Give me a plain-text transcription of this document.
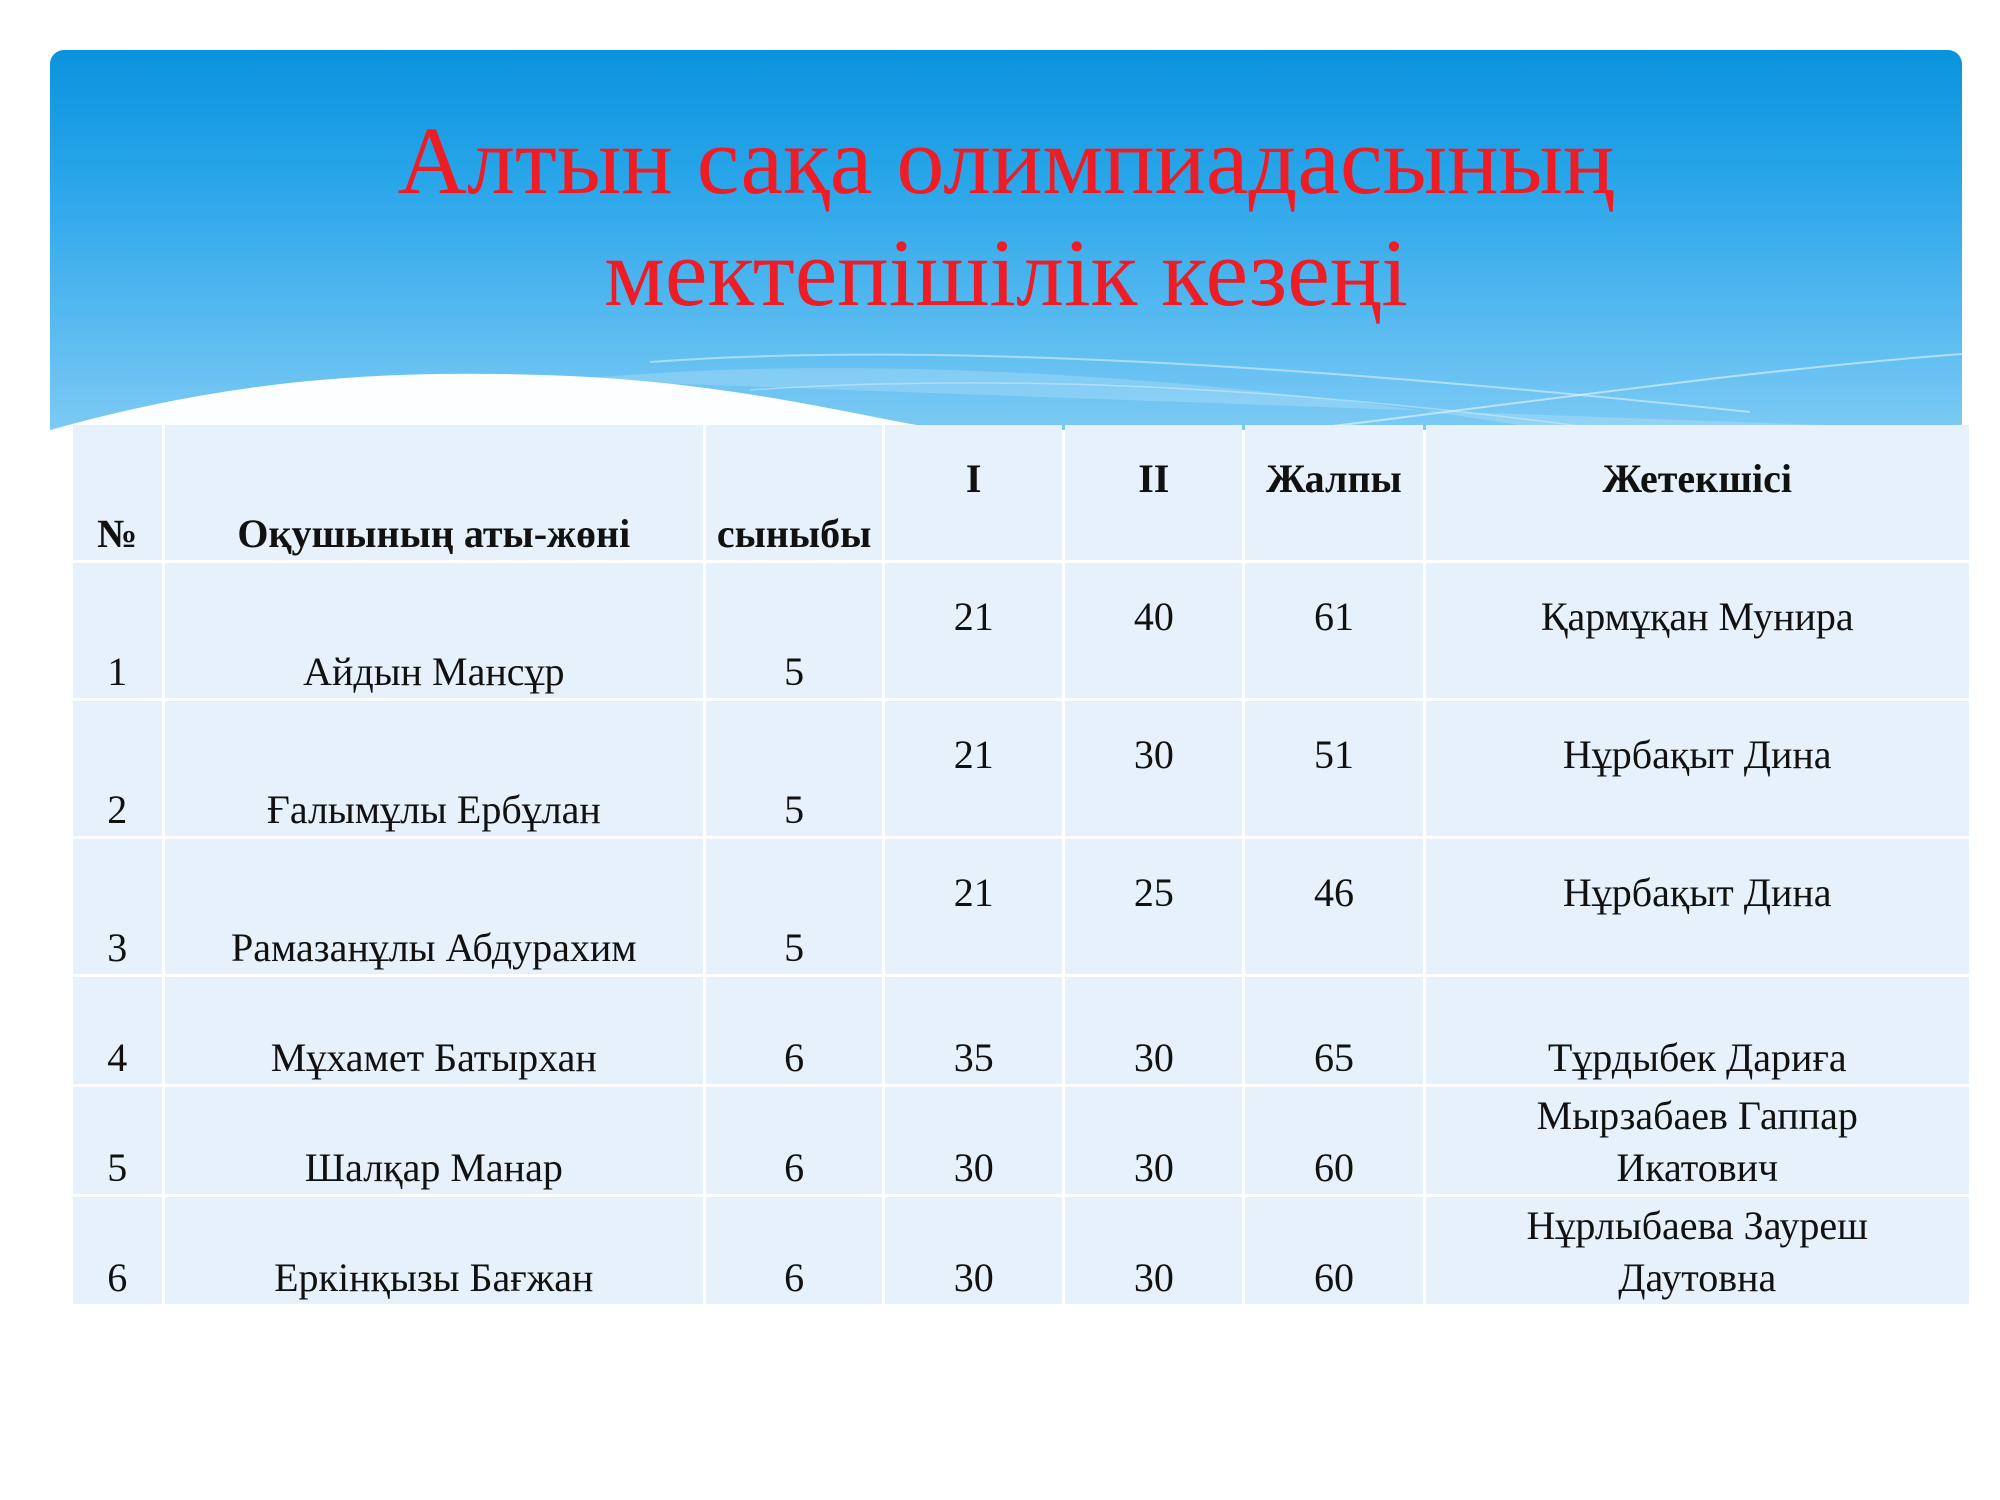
Алтын сақа олимпиадасының
мектепішілік кезеңі
№	Оқушының аты-жөні	сыныбы	I	II	Жалпы	Жетекшісі
1	Айдын Мансұр	5	21	40	61	Қармұқан Мунира
2	Ғалымұлы Ербұлан	5	21	30	51	Нұрбақыт Дина
3	Рамазанұлы Абдурахим	5	21	25	46	Нұрбақыт Дина
4	Мұхамет Батырхан	6	35	30	65	Тұрдыбек Дариға
5	Шалқар Манар	6	30	30	60	Мырзабаев Гаппар
Икатович
6	Еркінқызы Бағжан	6	30	30	60	Нұрлыбаева Зауреш
Даутовна
